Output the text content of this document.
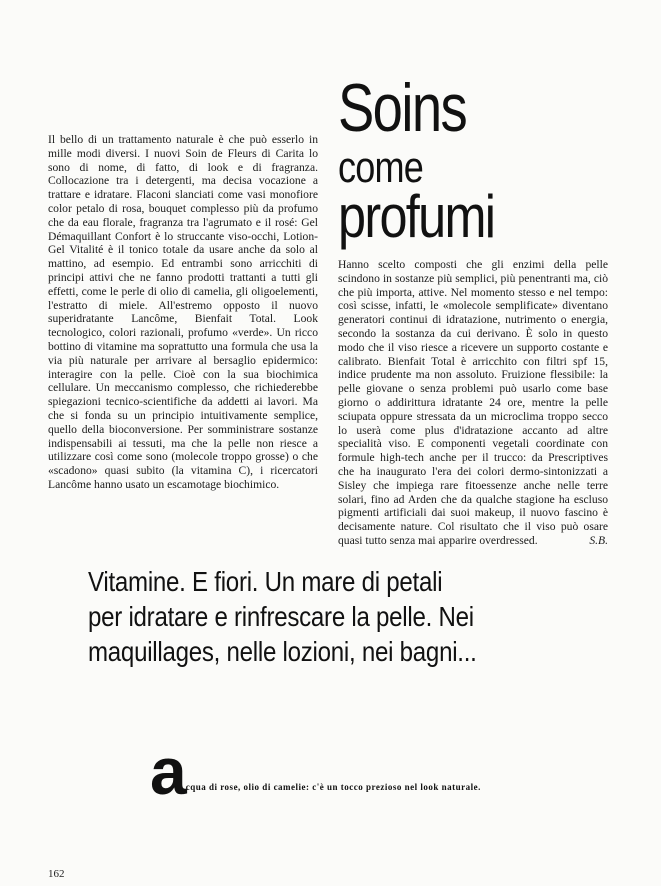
Soins
come
profumi

Il bello di un trattamento naturale è che può esserlo in mille modi diversi. I nuovi Soin de Fleurs di Carita lo sono di nome, di fatto, di look e di fragranza. Collocazione tra i detergenti, ma decisa vocazione a trattare e idratare. Flaconi slanciati come vasi monofiore color petalo di rosa, bouquet complesso più da profumo che da eau florale, fragranza tra l'agrumato e il rosé: Gel Démaquillant Confort è lo struccante viso-occhi, Lotion-Gel Vitalité è il tonico totale da usare anche da solo al mattino, ad esempio. Ed entrambi sono arricchiti di principi attivi che ne fanno prodotti trattanti a tutti gli effetti, come le perle di olio di camelia, gli oligoelementi, l'estratto di miele. All'estremo opposto il nuovo superidratante Lancôme, Bienfait Total. Look tecnologico, colori razionali, profumo «verde». Un ricco bottino di vitamine ma soprattutto una formula che usa la via più naturale per arrivare al bersaglio epidermico: interagire con la pelle. Cioè con la sua biochimica cellulare. Un meccanismo complesso, che richiederebbe spiegazioni tecnico-scientifiche da addetti ai lavori. Ma che si fonda su un principio intuitivamente semplice, quello della bioconversione. Per somministrare sostanze indispensabili ai tessuti, ma che la pelle non riesce a utilizzare così come sono (molecole troppo grosse) o che «scadono» quasi subito (la vitamina C), i ricercatori Lancôme hanno usato un escamotage biochimico.

Hanno scelto composti che gli enzimi della pelle scindono in sostanze più semplici, più penentranti ma, ciò che più importa, attive. Nel momento stesso e nel tempo: così scisse, infatti, le «molecole semplificate» diventano generatori continui di idratazione, nutrimento o energia, secondo la sostanza da cui derivano. È solo in questo modo che il viso riesce a ricevere un supporto costante e calibrato. Bienfait Total è arricchito con filtri spf 15, indice prudente ma non assoluto. Fruizione flessibile: la pelle giovane o senza problemi può usarlo come base giorno o addirittura idratante 24 ore, mentre la pelle sciupata oppure stressata da un microclima troppo secco lo userà come plus d'idratazione accanto ad altre specialità viso. E componenti vegetali coordinate con formule high-tech anche per il trucco: da Prescriptives che ha inaugurato l'era dei colori dermo-sintonizzati a Sisley che impiega rare fitoessenze anche nelle terre solari, fino ad Arden che da qualche stagione ha escluso pigmenti artificiali dai suoi makeup, il nuovo fascino è decisamente nature. Col risultato che il viso può osare quasi tutto senza mai apparire overdressed.	S.B.

Vitamine. E fiori. Un mare di petali
per idratare e rinfrescare la pelle. Nei
maquillages, nelle lozioni, nei bagni...
acqua di rose, olio di camelie: c'è un tocco prezioso nel look naturale.
162
